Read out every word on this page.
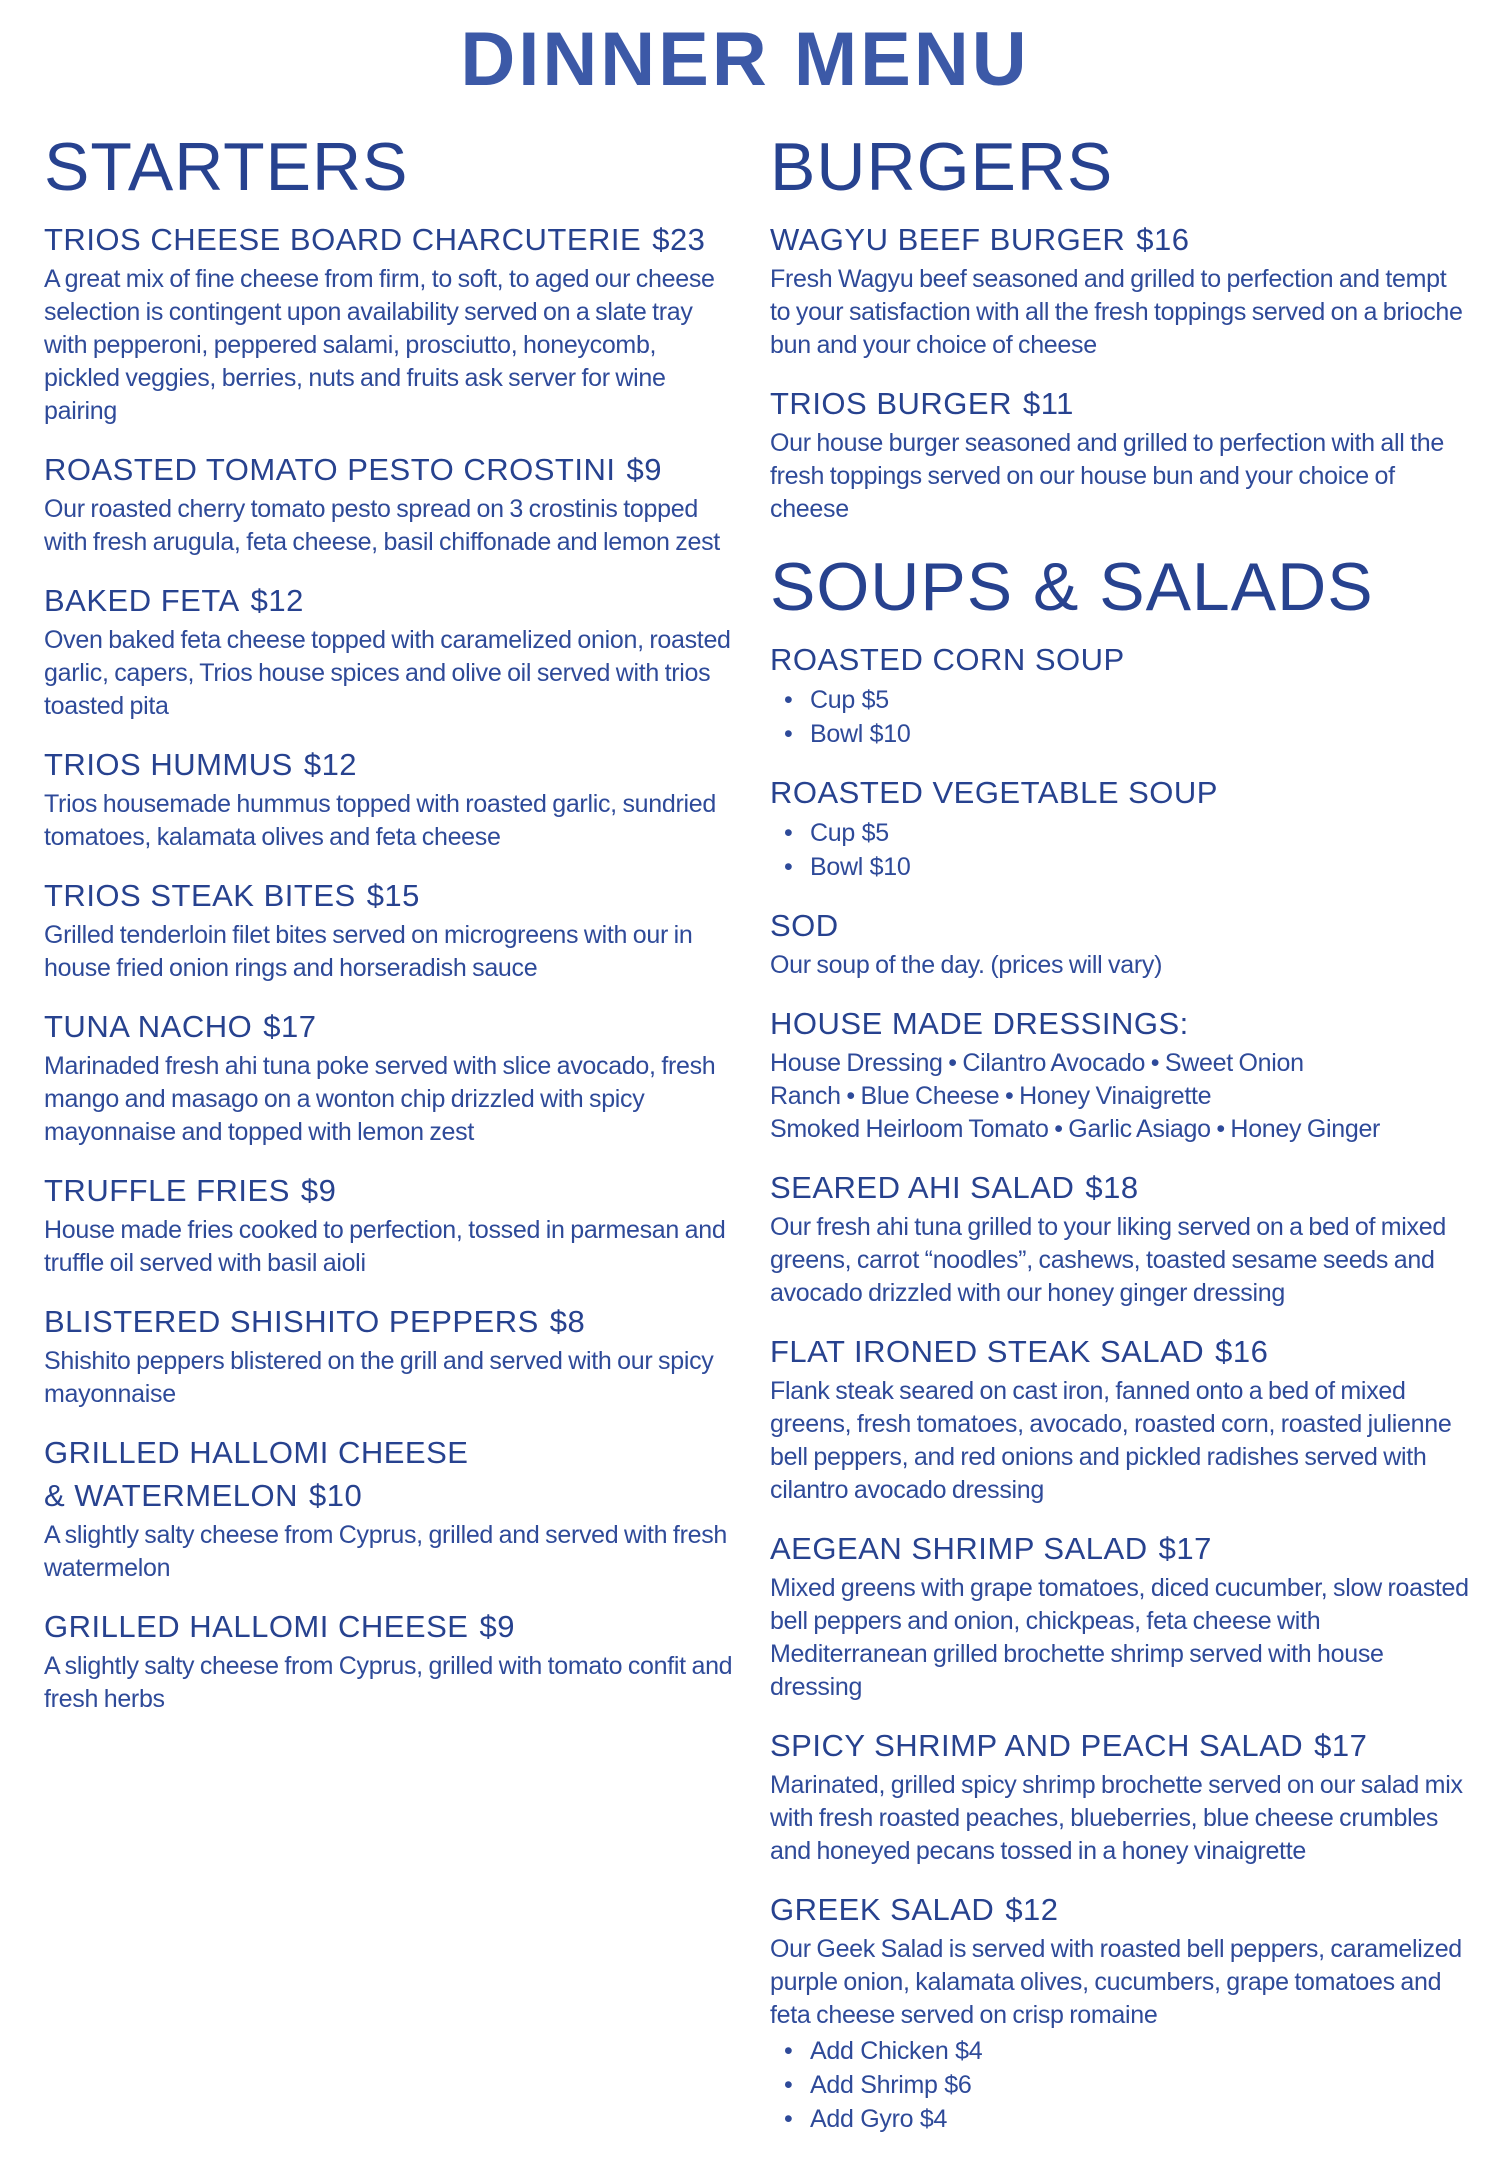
DINNER MENU
STARTERS
TRIOS CHEESE BOARD CHARCUTERIE $23
A great mix of fine cheese from firm, to soft, to aged our cheese selection is contingent upon availability served on a slate tray with pepperoni, peppered salami, prosciutto, honeycomb, pickled veggies, berries, nuts and fruits ask server for wine pairing
ROASTED TOMATO PESTO CROSTINI $9
Our roasted cherry tomato pesto spread on 3 crostinis topped with fresh arugula, feta cheese, basil chiffonade and lemon zest
BAKED FETA $12
Oven baked feta cheese topped with caramelized onion, roasted garlic, capers, Trios house spices and olive oil served with trios toasted pita
TRIOS HUMMUS $12
Trios housemade hummus topped with roasted garlic, sundried tomatoes, kalamata olives and feta cheese
TRIOS STEAK BITES $15
Grilled tenderloin filet bites served on microgreens with our in house fried onion rings and horseradish sauce
TUNA NACHO $17
Marinaded fresh ahi tuna poke served with slice avocado, fresh mango and masago on a wonton chip drizzled with spicy mayonnaise and topped with lemon zest
TRUFFLE FRIES $9
House made fries cooked to perfection, tossed in parmesan and truffle oil served with basil aioli
BLISTERED SHISHITO PEPPERS $8
Shishito peppers blistered on the grill and served with our spicy mayonnaise
GRILLED HALLOMI CHEESE
& WATERMELON $10
A slightly salty cheese from Cyprus, grilled and served with fresh watermelon
GRILLED HALLOMI CHEESE $9
A slightly salty cheese from Cyprus, grilled with tomato confit and fresh herbs
BURGERS
WAGYU BEEF BURGER $16
Fresh Wagyu beef seasoned and grilled to perfection and tempt to your satisfaction with all the fresh toppings served on a brioche bun and your choice of cheese
TRIOS BURGER $11
Our house burger seasoned and grilled to perfection with all the fresh toppings served on our house bun and your choice of cheese
SOUPS & SALADS
ROASTED CORN SOUP
• Cup $5
• Bowl $10
ROASTED VEGETABLE SOUP
• Cup $5
• Bowl $10
SOD
Our soup of the day. (prices will vary)
HOUSE MADE DRESSINGS:
House Dressing • Cilantro Avocado • Sweet Onion
Ranch • Blue Cheese • Honey Vinaigrette
Smoked Heirloom Tomato • Garlic Asiago • Honey Ginger
SEARED AHI SALAD $18
Our fresh ahi tuna grilled to your liking served on a bed of mixed greens, carrot “noodles”, cashews, toasted sesame seeds and avocado drizzled with our honey ginger dressing
FLAT IRONED STEAK SALAD $16
Flank steak seared on cast iron, fanned onto a bed of mixed greens, fresh tomatoes, avocado, roasted corn, roasted julienne bell peppers, and red onions and pickled radishes served with cilantro avocado dressing
AEGEAN SHRIMP SALAD $17
Mixed greens with grape tomatoes, diced cucumber, slow roasted bell peppers and onion, chickpeas, feta cheese with Mediterranean grilled brochette shrimp served with house dressing
SPICY SHRIMP AND PEACH SALAD $17
Marinated, grilled spicy shrimp brochette served on our salad mix with fresh roasted peaches, blueberries, blue cheese crumbles and honeyed pecans tossed in a honey vinaigrette
GREEK SALAD $12
Our Geek Salad is served with roasted bell peppers, caramelized purple onion, kalamata olives, cucumbers, grape tomatoes and feta cheese served on crisp romaine
• Add Chicken $4
• Add Shrimp $6
• Add Gyro $4
